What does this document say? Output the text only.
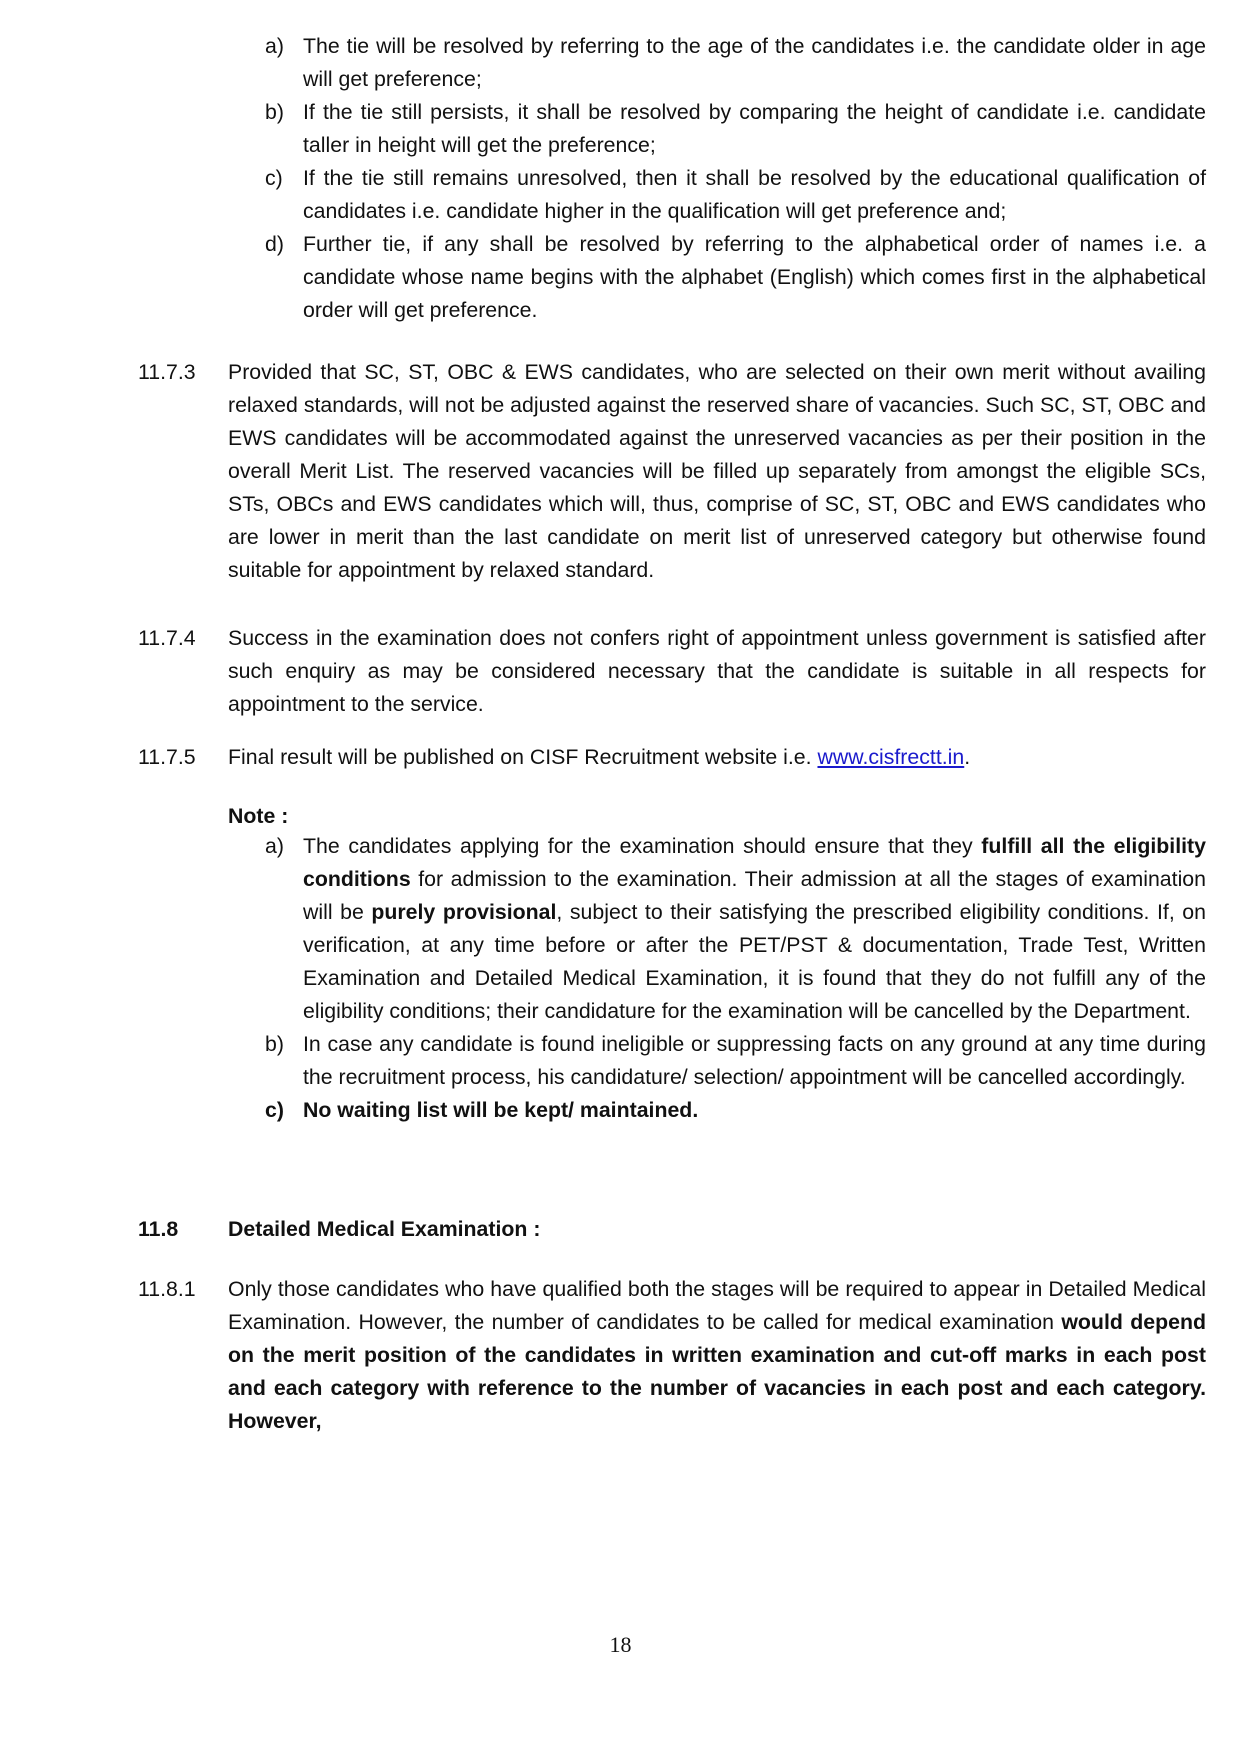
a) The tie will be resolved by referring to the age of the candidates i.e. the candidate older in age will get preference;
b) If the tie still persists, it shall be resolved by comparing the height of candidate i.e. candidate taller in height will get the preference;
c) If the tie still remains unresolved, then it shall be resolved by the educational qualification of candidates i.e. candidate higher in the qualification will get preference and;
d) Further tie, if any shall be resolved by referring to the alphabetical order of names i.e. a candidate whose name begins with the alphabet (English) which comes first in the alphabetical order will get preference.
11.7.3 Provided that SC, ST, OBC & EWS candidates, who are selected on their own merit without availing relaxed standards, will not be adjusted against the reserved share of vacancies. Such SC, ST, OBC and EWS candidates will be accommodated against the unreserved vacancies as per their position in the overall Merit List. The reserved vacancies will be filled up separately from amongst the eligible SCs, STs, OBCs and EWS candidates which will, thus, comprise of SC, ST, OBC and EWS candidates who are lower in merit than the last candidate on merit list of unreserved category but otherwise found suitable for appointment by relaxed standard.
11.7.4 Success in the examination does not confers right of appointment unless government is satisfied after such enquiry as may be considered necessary that the candidate is suitable in all respects for appointment to the service.
11.7.5 Final result will be published on CISF Recruitment website i.e. www.cisfrectt.in.
Note :
a) The candidates applying for the examination should ensure that they fulfill all the eligibility conditions for admission to the examination. Their admission at all the stages of examination will be purely provisional, subject to their satisfying the prescribed eligibility conditions. If, on verification, at any time before or after the PET/PST & documentation, Trade Test, Written Examination and Detailed Medical Examination, it is found that they do not fulfill any of the eligibility conditions; their candidature for the examination will be cancelled by the Department.
b) In case any candidate is found ineligible or suppressing facts on any ground at any time during the recruitment process, his candidature/ selection/ appointment will be cancelled accordingly.
c) No waiting list will be kept/ maintained.
11.8 Detailed Medical Examination :
11.8.1 Only those candidates who have qualified both the stages will be required to appear in Detailed Medical Examination. However, the number of candidates to be called for medical examination would depend on the merit position of the candidates in written examination and cut-off marks in each post and each category with reference to the number of vacancies in each post and each category. However,
18
